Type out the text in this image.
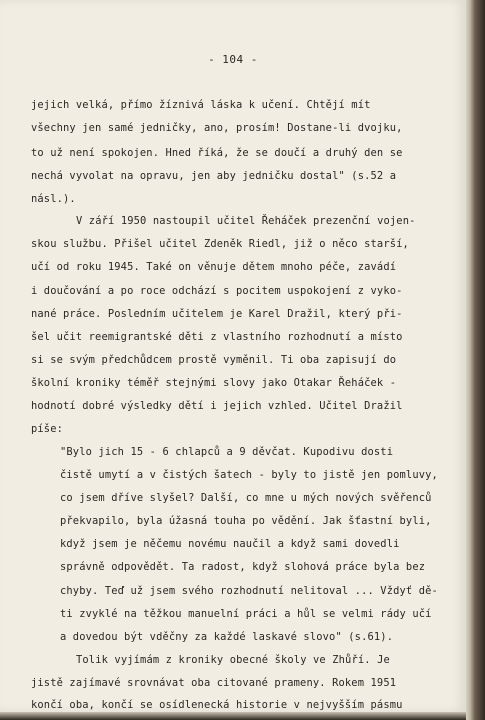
- 104 -
jejich velká, přímo žíznivá láska k učení. Chtějí mít
všechny jen samé jedničky, ano, prosím! Dostane-li dvojku,
to už není spokojen. Hned říká, že se doučí a druhý den se
nechá vyvolat na opravu, jen aby jedničku dostal" (s.52 a
násl.).
V září 1950 nastoupil učitel Řeháček prezenční vojen-
skou službu. Přišel učitel Zdeněk Riedl, již o něco starší,
učí od roku 1945. Také on věnuje dětem mnoho péče, zavádí
i doučování a po roce odchází s pocitem uspokojení z vyko-
nané práce. Posledním učitelem je Karel Dražil, který při-
šel učit reemigrantské děti z vlastního rozhodnutí a místo
si se svým předchůdcem prostě vyměnil. Ti oba zapisují do
školní kroniky téměř stejnými slovy jako Otakar Řeháček -
hodnotí dobré výsledky dětí i jejich vzhled. Učitel Dražil
píše:
"Bylo jich 15 - 6 chlapců a 9 děvčat. Kupodivu dosti
čistě umytí a v čistých šatech - byly to jistě jen pomluvy,
co jsem dříve slyšel? Další, co mne u mých nových svěřenců
překvapilo, byla úžasná touha po vědění. Jak šťastní byli,
když jsem je něčemu novému naučil a když sami dovedli
správně odpovědět. Ta radost, když slohová práce byla bez
chyby. Teď už jsem svého rozhodnutí nelitoval ... Vždyť dě-
ti zvyklé na těžkou manuelní práci a hůl se velmi rády učí
a dovedou být vděčny za každé laskavé slovo" (s.61).
Tolik vyjímám z kroniky obecné školy ve Zhůří. Je
jistě zajímavé srovnávat oba citované prameny. Rokem 1951
končí oba, končí se osídlenecká historie v nejvyšším pásmu
